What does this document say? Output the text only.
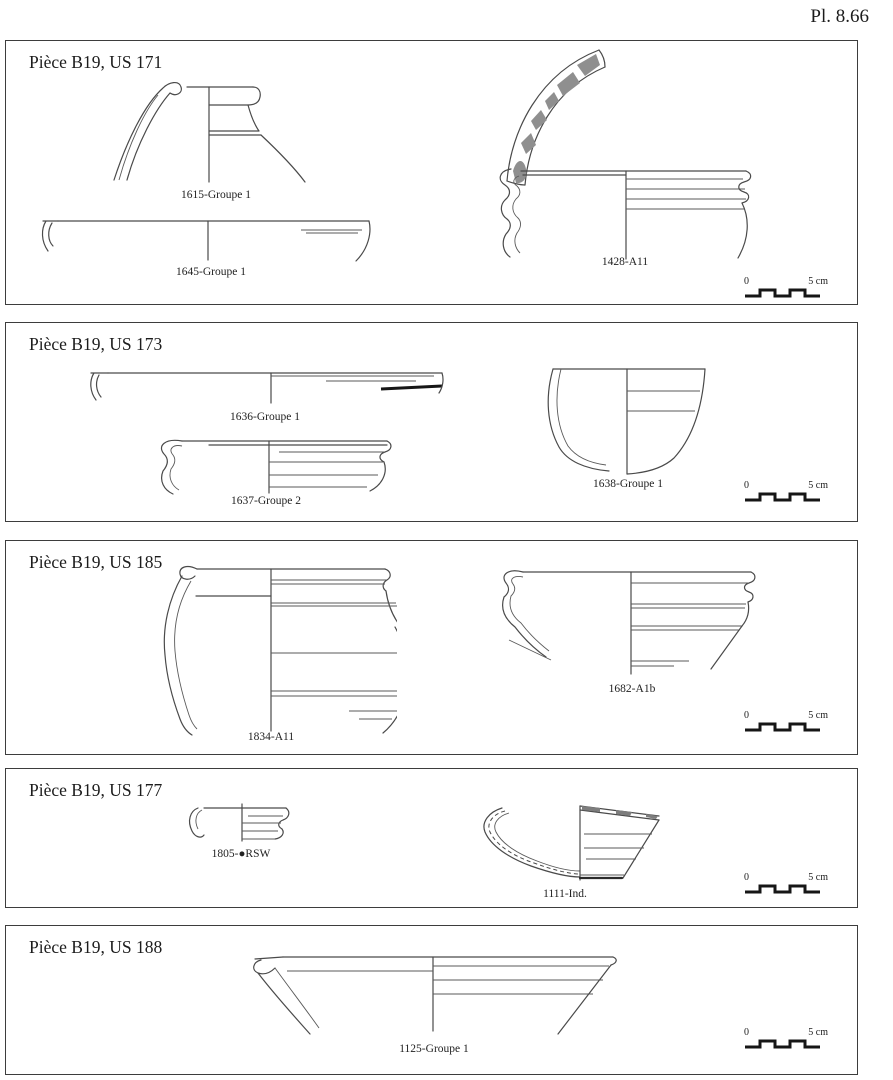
Pl. 8.66
Pièce B19, US 171
1615-Groupe 1
1645-Groupe 1
1428-A11
0	5 cm
Pièce B19, US 173
1636-Groupe 1
1637-Groupe 2
1638-Groupe 1	0	5 cm
Pièce B19, US 185
1834-A11
1682-A1b
0	5 cm
Pièce B19, US 177
1805-●RSW
1111-Ind.
0	5 cm
Pièce B19, US 188
1125-Groupe 1
0	5 cm
